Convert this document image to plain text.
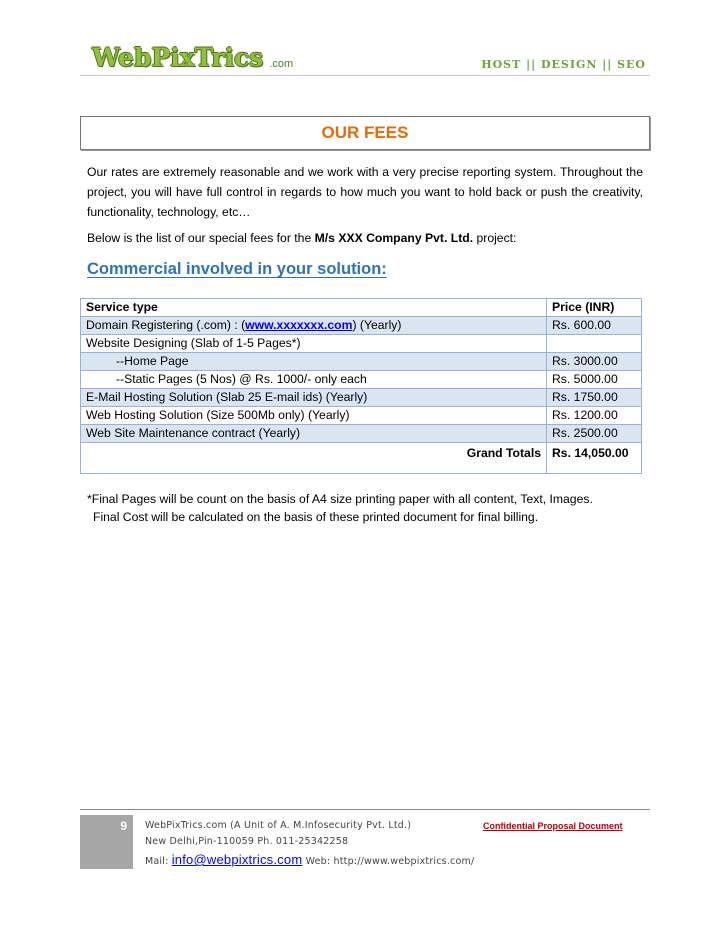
WebPixTrics .com	HOST || DESIGN || SEO
OUR FEES
Our rates are extremely reasonable and we work with a very precise reporting system. Throughout the project, you will have full control in regards to how much you want to hold back or push the creativity, functionality, technology, etc…
Below is the list of our special fees for the M/s XXX Company Pvt. Ltd. project:
Commercial involved in your solution:
Service type	Price (INR)
Domain Registering (.com) : (www.xxxxxxx.com) (Yearly)	Rs. 600.00
Website Designing (Slab of 1-5 Pages*)	
--Home Page	Rs. 3000.00
--Static Pages (5 Nos) @ Rs. 1000/- only each	Rs. 5000.00
E-Mail Hosting Solution (Slab 25 E-mail ids) (Yearly)	Rs. 1750.00
Web Hosting Solution (Size 500Mb only) (Yearly)	Rs. 1200.00
Web Site Maintenance contract (Yearly)	Rs. 2500.00
Grand Totals	Rs. 14,050.00
*Final Pages will be count on the basis of A4 size printing paper with all content, Text, Images.
Final Cost will be calculated on the basis of these printed document for final billing.
9 WebPixTrics.com (A Unit of A. M.Infosecurity Pvt. Ltd.)
New Delhi,Pin-110059 Ph. 011-25342258
Mail: info@webpixtrics.com Web: http://www.webpixtrics.com/
Confidential Proposal Document
